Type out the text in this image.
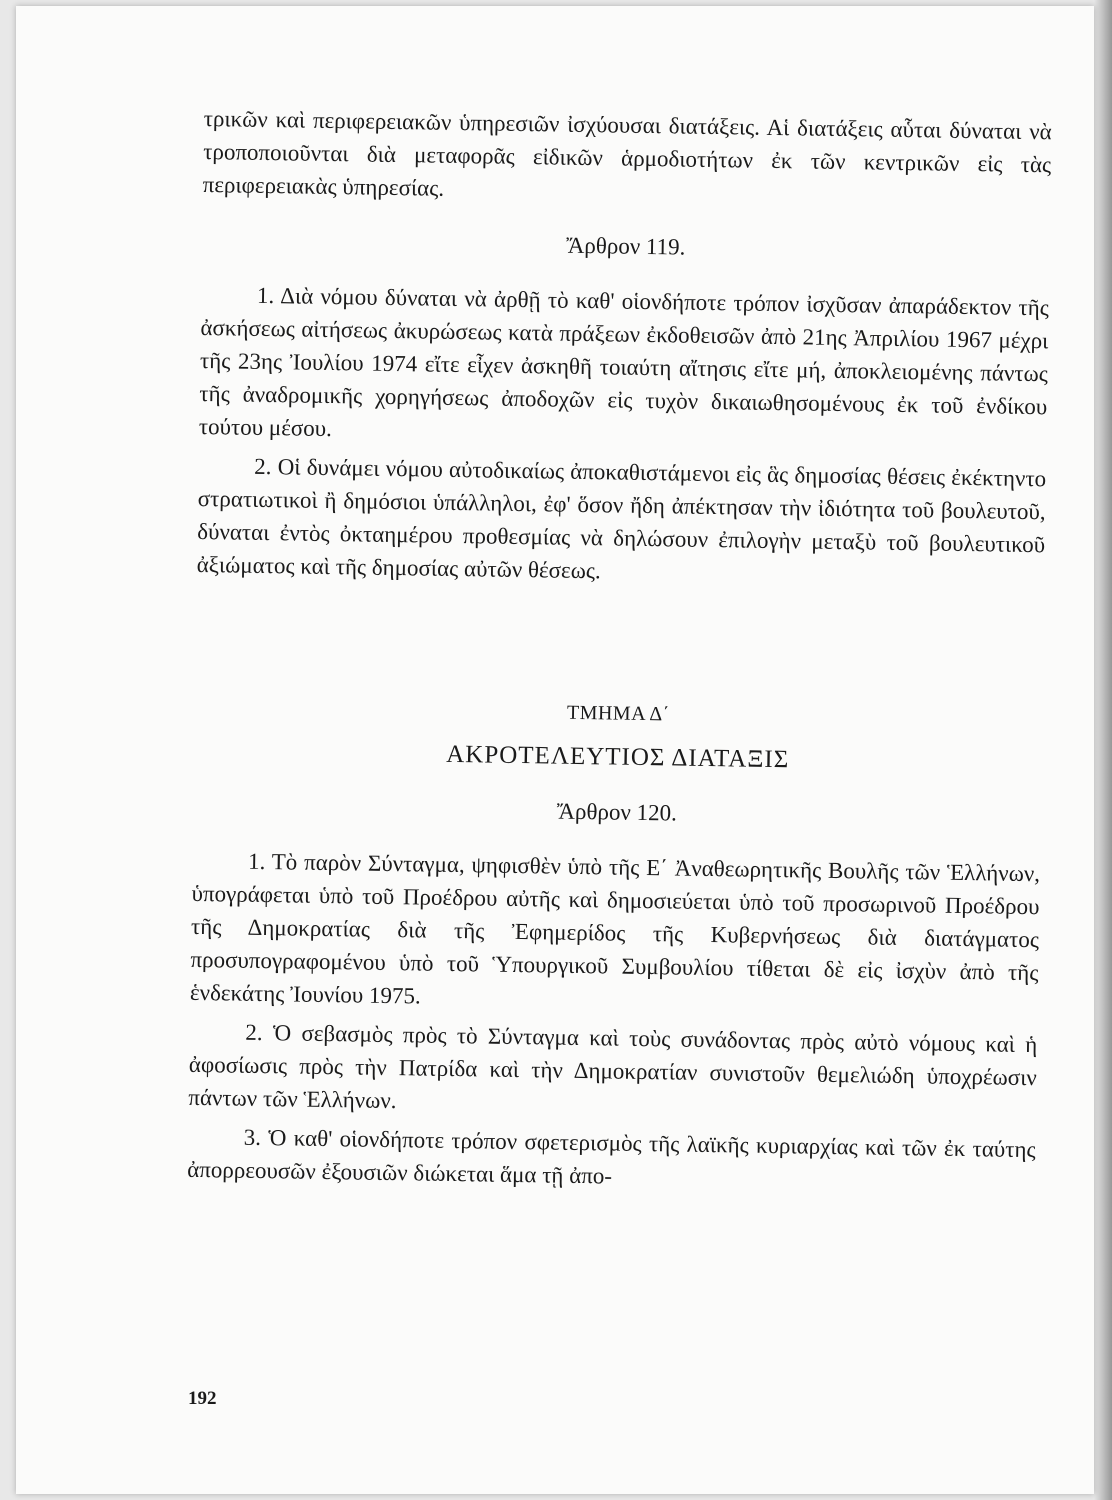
τρικῶν καὶ περιφερειακῶν ὑπηρεσιῶν ἰσχύουσαι διατάξεις. Αἱ διατάξεις αὗται δύναται νὰ τροποποιοῦνται διὰ μεταφορᾶς εἰδικῶν ἁρμοδιοτήτων ἐκ τῶν κεντρικῶν εἰς τὰς περιφερειακὰς ὑπηρεσίας.

Ἄρθρον 119.

1. Διὰ νόμου δύναται νὰ ἀρθῇ τὸ καθ' οἱονδήποτε τρόπον ἰσχῦσαν ἀπαράδεκτον τῆς ἀσκήσεως αἰτήσεως ἀκυρώσεως κατὰ πράξεων ἐκδοθεισῶν ἀπὸ 21ης Ἀπριλίου 1967 μέχρι τῆς 23ης Ἰουλίου 1974 εἴτε εἶχεν ἀσκηθῆ τοιαύτη αἴτησις εἴτε μή, ἀποκλειομένης πάντως τῆς ἀναδρομικῆς χορηγήσεως ἀποδοχῶν εἰς τυχὸν δικαιωθησομένους ἐκ τοῦ ἐνδίκου τούτου μέσου.

2. Οἱ δυνάμει νόμου αὐτοδικαίως ἀποκαθιστάμενοι εἰς ἃς δημοσίας θέσεις ἐκέκτηντο στρατιωτικοὶ ἢ δημόσιοι ὑπάλληλοι, ἐφ' ὅσον ἤδη ἀπέκτησαν τὴν ἰδιότητα τοῦ βουλευτοῦ, δύναται ἐντὸς ὀκταημέρου προθεσμίας νὰ δηλώσουν ἐπιλογὴν μεταξὺ τοῦ βουλευτικοῦ ἀξιώματος καὶ τῆς δημοσίας αὐτῶν θέσεως.

ΤΜΗΜΑ Δ΄
ΑΚΡΟΤΕΛΕΥΤΙΟΣ ΔΙΑΤΑΞΙΣ
Ἄρθρον 120.

1. Τὸ παρὸν Σύνταγμα, ψηφισθὲν ὑπὸ τῆς Ε΄ Ἀναθεωρητικῆς Βουλῆς τῶν Ἑλλήνων, ὑπογράφεται ὑπὸ τοῦ Προέδρου αὐτῆς καὶ δημοσιεύεται ὑπὸ τοῦ προσωρινοῦ Προέδρου τῆς Δημοκρατίας διὰ τῆς Ἐφημερίδος τῆς Κυβερνήσεως διὰ διατάγματος προσυπογραφομένου ὑπὸ τοῦ Ὑπουργικοῦ Συμβουλίου τίθεται δὲ εἰς ἰσχὺν ἀπὸ τῆς ἑνδεκάτης Ἰουνίου 1975.

2. Ὁ σεβασμὸς πρὸς τὸ Σύνταγμα καὶ τοὺς συνάδοντας πρὸς αὐτὸ νόμους καὶ ἡ ἀφοσίωσις πρὸς τὴν Πατρίδα καὶ τὴν Δημοκρατίαν συνιστοῦν θεμελιώδη ὑποχρέωσιν πάντων τῶν Ἑλλήνων.

3. Ὁ καθ' οἱονδήποτε τρόπον σφετερισμὸς τῆς λαϊκῆς κυριαρχίας καὶ τῶν ἐκ ταύτης ἀπορρεουσῶν ἐξουσιῶν διώκεται ἅμα τῇ ἀπο-

192
